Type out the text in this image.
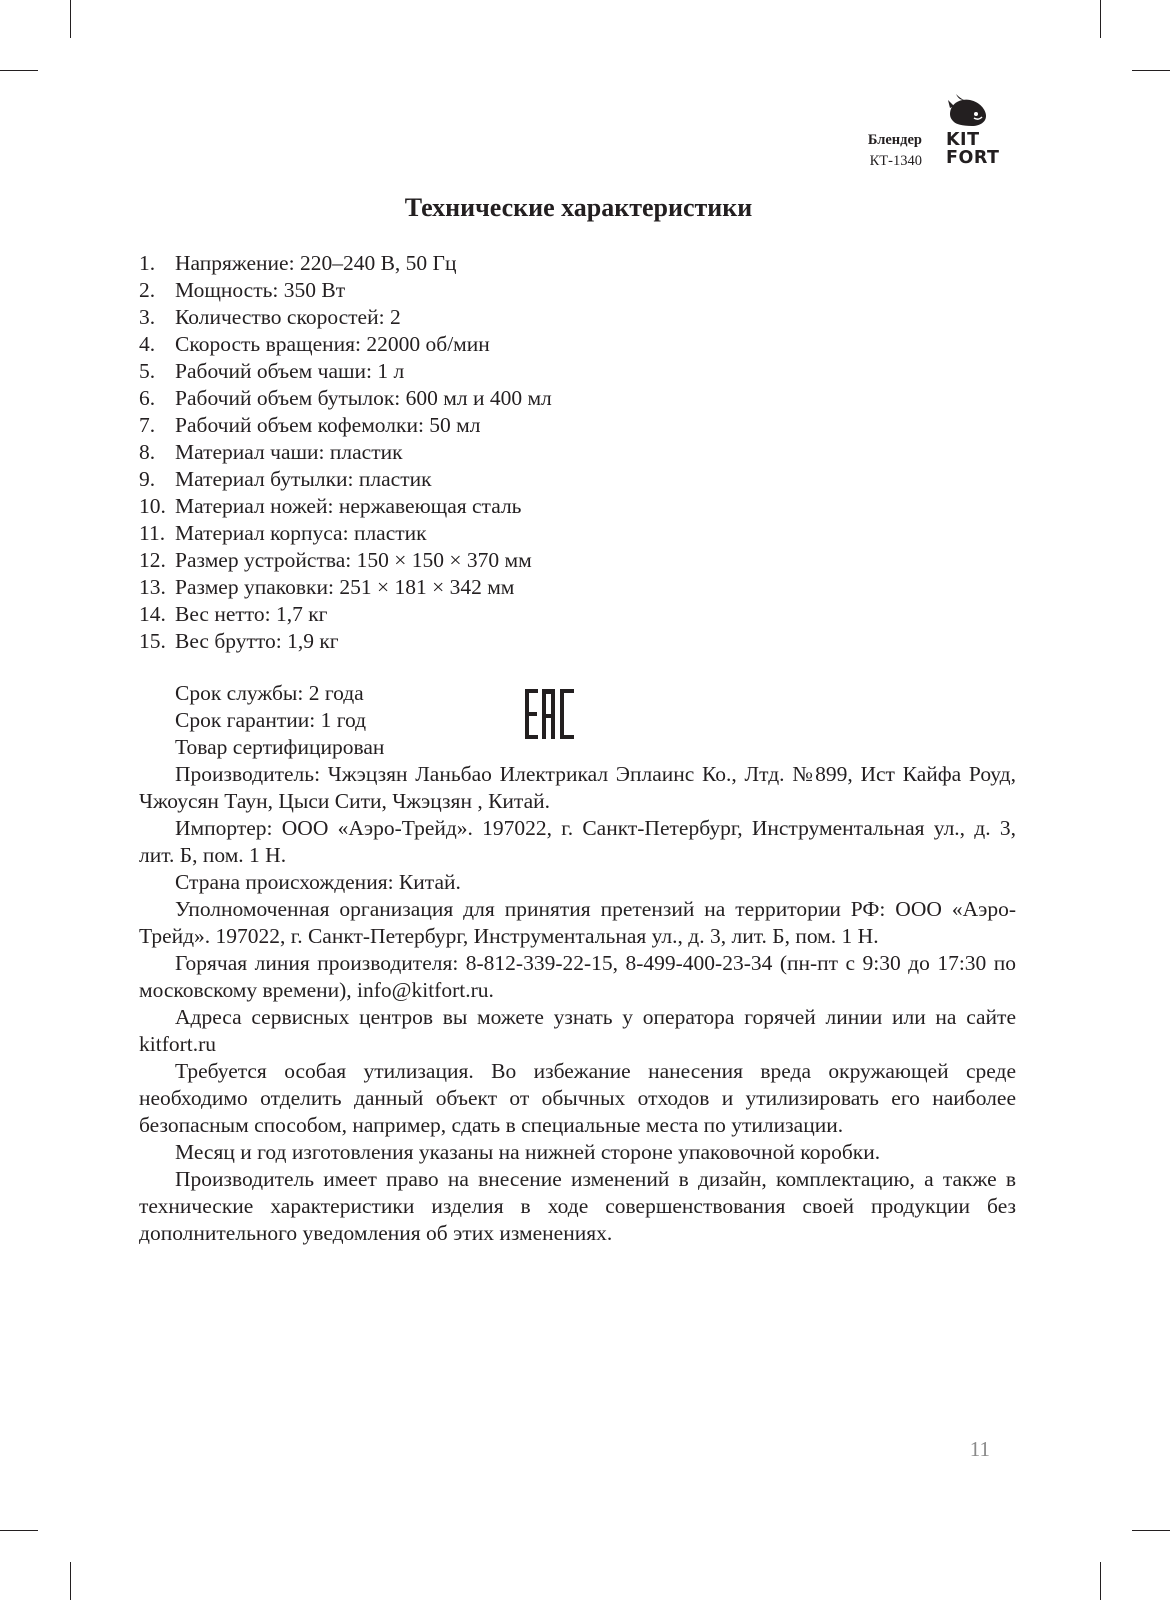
Блендер
КТ-1340
KIT
FORT
Технические характеристики
1. Напряжение: 220–240 В, 50 Гц
2. Мощность: 350 Вт
3. Количество скоростей: 2
4. Скорость вращения: 22000 об/мин
5. Рабочий объем чаши: 1 л
6. Рабочий объем бутылок: 600 мл и 400 мл
7. Рабочий объем кофемолки: 50 мл
8. Материал чаши: пластик
9. Материал бутылки: пластик
10. Материал ножей: нержавеющая сталь
11. Материал корпуса: пластик
12. Размер устройства: 150 × 150 × 370 мм
13. Размер упаковки: 251 × 181 × 342 мм
14. Вес нетто: 1,7 кг
15. Вес брутто: 1,9 кг

Срок службы: 2 года

Срок гарантии: 1 год

Товар сертифицирован

Производитель: Чжэцзян Ланьбао Илектрикал Эплаинс Ко., Лтд. №899, Ист Кайфа Роуд, Чжоусян Таун, Цыси Сити, Чжэцзян , Китай.

Импортер: ООО «Аэро-Трейд». 197022, г. Санкт-Петербург, Инструментальная ул., д. 3, лит. Б, пом. 1 Н.

Страна происхождения: Китай.

Уполномоченная организация для принятия претензий на территории РФ: ООО «Аэро-Трейд». 197022, г. Санкт-Петербург, Инструментальная ул., д. 3, лит. Б, пом. 1 Н.

Горячая линия производителя: 8-812-339-22-15, 8-499-400-23-34 (пн-пт с 9:30 до 17:30 по московскому времени), info@kitfort.ru.

Адреса сервисных центров вы можете узнать у оператора горячей линии или на сайте kitfort.ru

Требуется особая утилизация. Во избежание нанесения вреда окружающей среде необходимо отделить данный объект от обычных отходов и утилизировать его наиболее безопасным способом, например, сдать в специальные места по утилизации.

Месяц и год изготовления указаны на нижней стороне упаковочной коробки.

Производитель имеет право на внесение изменений в дизайн, комплектацию, а также в технические характеристики изделия в ходе совершенствования своей продукции без дополнительного уведомления об этих изменениях.

11
